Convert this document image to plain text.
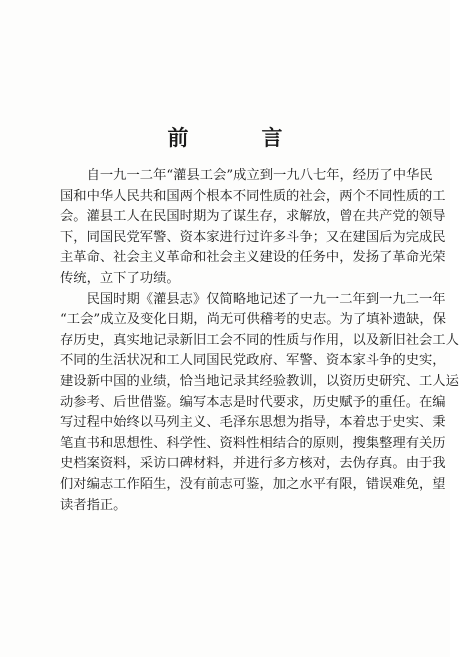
前　言
　　自一九一二年“灌县工会”成立到一九八七年，经历了中华民
国和中华人民共和国两个根本不同性质的社会，两个不同性质的工
会。灌县工人在民国时期为了谋生存，求解放，曾在共产党的领导
下，同国民党军警、资本家进行过许多斗争；又在建国后为完成民
主革命、社会主义革命和社会主义建设的任务中，发扬了革命光荣
传统，立下了功绩。
　　民国时期《灌县志》仅简略地记述了一九一二年到一九二一年
“工会”成立及变化日期，尚无可供稽考的史志。为了填补遗缺，保
存历史，真实地记录新旧工会不同的性质与作用，以及新旧社会工人
不同的生活状况和工人同国民党政府、军警、资本家斗争的史实，
建设新中国的业绩，恰当地记录其经验教训，以资历史研究、工人运
动参考、后世借鉴。编写本志是时代要求，历史赋予的重任。在编
写过程中始终以马列主义、毛泽东思想为指导，本着忠于史实、秉
笔直书和思想性、科学性、资料性相结合的原则，搜集整理有关历
史档案资料，采访口碑材料，并进行多方核对，去伪存真。由于我
们对编志工作陌生，没有前志可鉴，加之水平有限，错误难免，望
读者指正。
